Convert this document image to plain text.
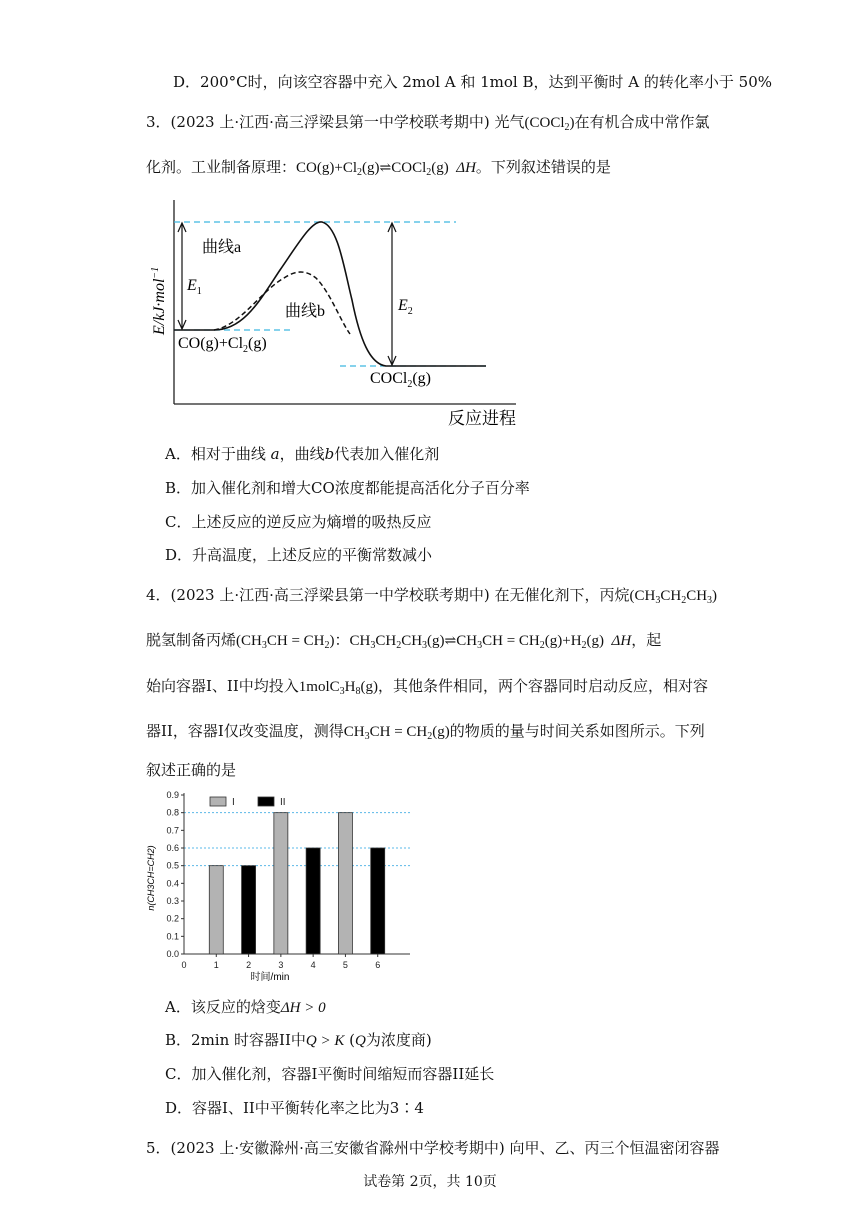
D．200°C时，向该空容器中充入 2mol A 和 1mol B，达到平衡时 A 的转化率小于 50%
3．(2023 上·江西·高三浮梁县第一中学校联考期中) 光气(COCl$_2$)在有机合成中常作氯
化剂。工业制备原理：$CO(g)+Cl_2(g)\rightleftharpoons COCl_2(g)$  ΔH。下列叙述错误的是
E/kJ·mol$^{-1}$
反应进程
曲线a
曲线b
$E_1$
$E_2$
$CO(g)+Cl_2(g)$
COCl$_2$(g)
A．相对于曲线 a，曲线b代表加入催化剂
B．加入催化剂和增大CO浓度都能提高活化分子百分率
C．上述反应的逆反应为熵增的吸热反应
D．升高温度，上述反应的平衡常数减小
4．(2023 上·江西·高三浮梁县第一中学校联考期中) 在无催化剂下，丙烷$(CH_3CH_2CH_3)$
脱氢制备丙烯$(CH_3CH = CH_2)$：$CH_3CH_2CH_3(g)\rightleftharpoons CH_3CH = CH_2(g)+H_2(g)$  ΔH，起
始向容器I、II中均投入$1molC_3H_8(g)$，其他条件相同，两个容器同时启动反应，相对容
器II，容器I仅改变温度，测得$CH_3CH = CH_2(g)$的物质的量与时间关系如图所示。下列
叙述正确的是
0.0
0.1
0.2
0.3
0.4
0.5
0.6
0.7
0.8
0.9
0	1	2	3	4	5	6
I	II
时间/min
n(CH3CH=CH2)
A．该反应的焓变ΔH > 0
B．2min 时容器II中Q > K (Q为浓度商)
C．加入催化剂，容器I平衡时间缩短而容器II延长
D．容器I、II中平衡转化率之比为3∶4
5．(2023 上·安徽滁州·高三安徽省滁州中学校考期中) 向甲、乙、丙三个恒温密闭容器
试卷第 2页，共 10页
